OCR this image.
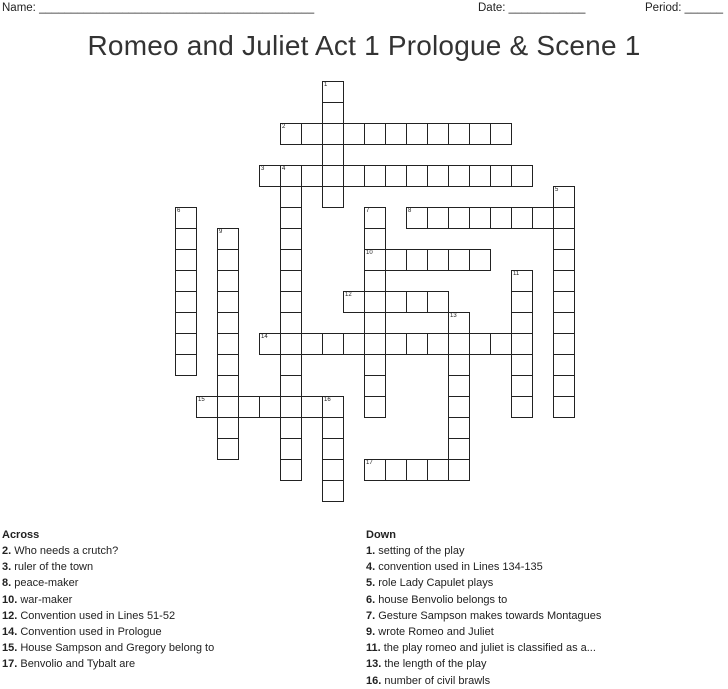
Name: ___________________________________________	Date: ____________	Period: ______
Romeo and Juliet Act 1 Prologue & Scene 1
1
2
3	4
5
6	7
10
8
9
11
12
13
14
15	16
17
Across
2. Who needs a crutch?
3. ruler of the town
8. peace-maker
10. war-maker
12. Convention used in Lines 51-52
14. Convention used in Prologue
15. House Sampson and Gregory belong to
17. Benvolio and Tybalt are
Down
1. setting of the play
4. convention used in Lines 134-135
5. role Lady Capulet plays
6. house Benvolio belongs to
7. Gesture Sampson makes towards Montagues
9. wrote Romeo and Juliet
11. the play romeo and juliet is classified as a...
13. the length of the play
16. number of civil brawls
